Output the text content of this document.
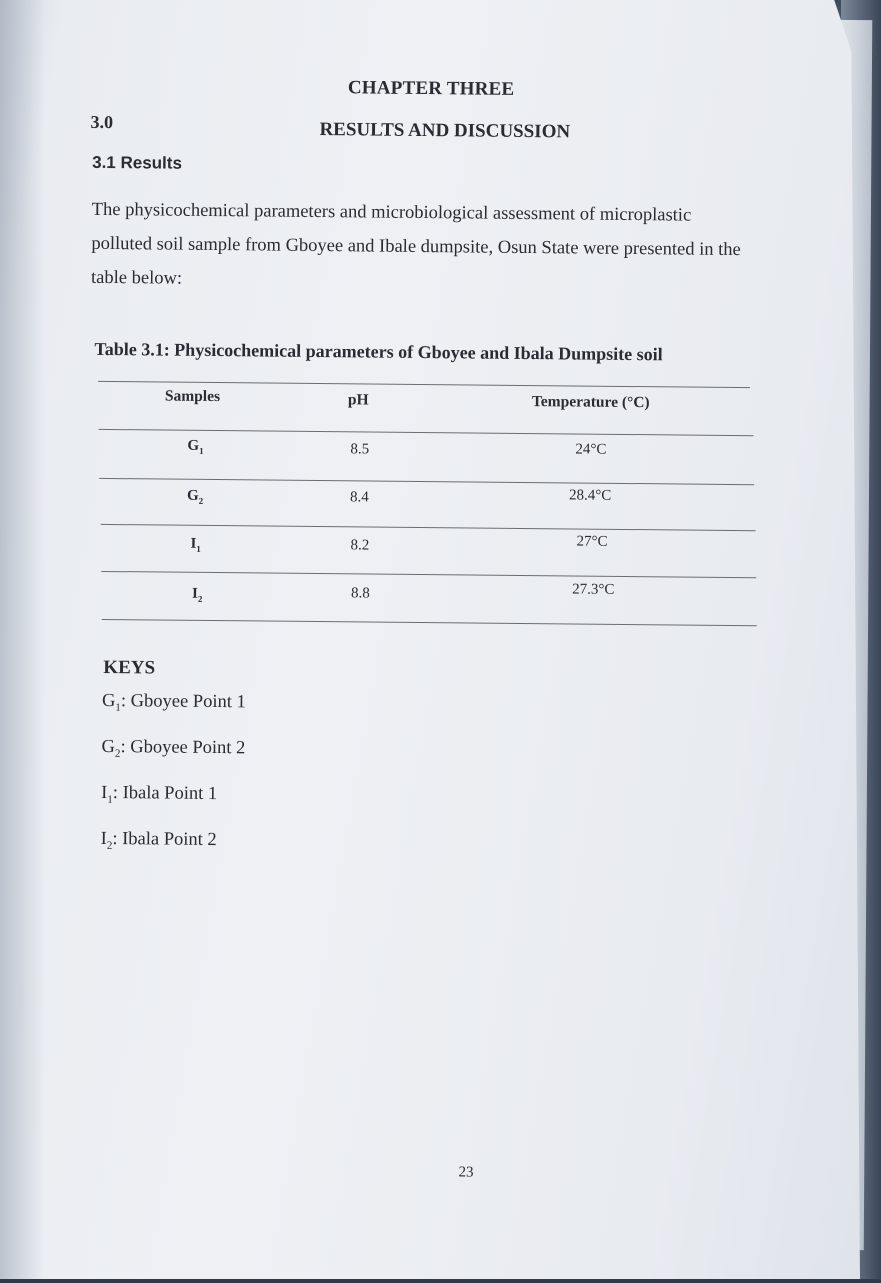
CHAPTER THREE
3.0	RESULTS AND DISCUSSION
3.1 Results
The physicochemical parameters and microbiological assessment of microplastic polluted soil sample from Gboyee and Ibale dumpsite, Osun State were presented in the table below:
Table 3.1: Physicochemical parameters of Gboyee and Ibala Dumpsite soil
Samples	pH	Temperature (°C)
$G_1$	8.5	24°C
$G_2$	8.4	28.4°C
$I_1$	8.2	27°C
$I_2$	8.8	27.3°C
KEYS
$G_1$: Gboyee Point 1
$G_2$: Gboyee Point 2
$I_1$: Ibala Point 1
$I_2$: Ibala Point 2
23
